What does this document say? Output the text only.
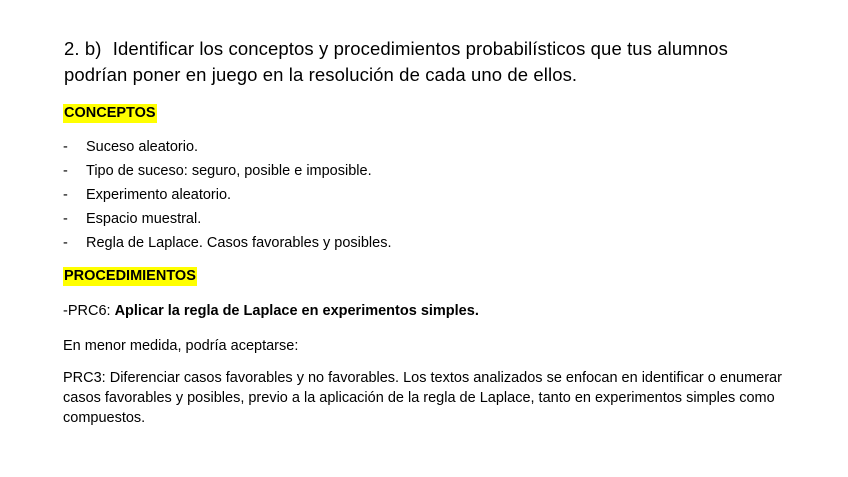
2. b) Identificar los conceptos y procedimientos probabilísticos que tus alumnos podrían poner en juego en la resolución de cada uno de ellos.
CONCEPTOS
- Suceso aleatorio.
- Tipo de suceso: seguro, posible e imposible.
- Experimento aleatorio.
- Espacio muestral.
- Regla de Laplace. Casos favorables y posibles.
PROCEDIMIENTOS
-PRC6: Aplicar la regla de Laplace en experimentos simples.
En menor medida, podría aceptarse:
PRC3: Diferenciar casos favorables y no favorables. Los textos analizados se enfocan en identificar o enumerar casos favorables y posibles, previo a la aplicación de la regla de Laplace, tanto en experimentos simples como compuestos.
